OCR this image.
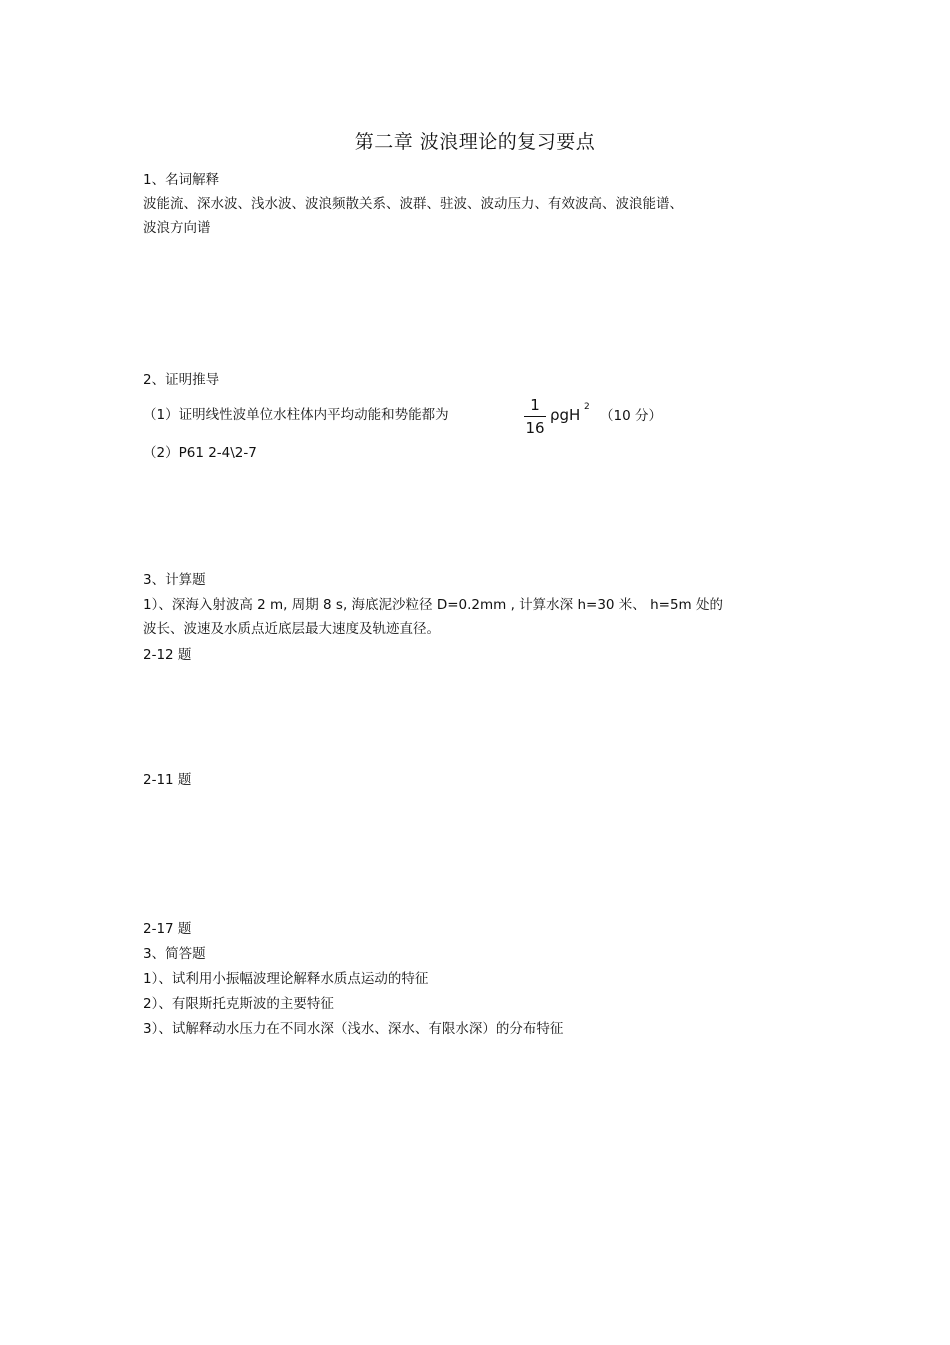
第二章 波浪理论的复习要点
1、名词解释
波能流、深水波、浅水波、波浪频散关系、波群、驻波、波动压力、有效波高、波浪能谱、
波浪方向谱
2、证明推导
（1）证明线性波单位水柱体内平均动能和势能都为
1
16
ρgH 2
（10 分）
（2）P61 2-4\2-7
3、计算题
1）、深海入射波高 2 m, 周期 8 s, 海底泥沙粒径 D=0.2mm , 计算水深 h=30 米、 h=5m 处的
波长、波速及水质点近底层最大速度及轨迹直径。
2-12 题
2-11 题
2-17 题
3、简答题
1）、试利用小振幅波理论解释水质点运动的特征
2）、有限斯托克斯波的主要特征
3）、试解释动水压力在不同水深（浅水、深水、有限水深）的分布特征
